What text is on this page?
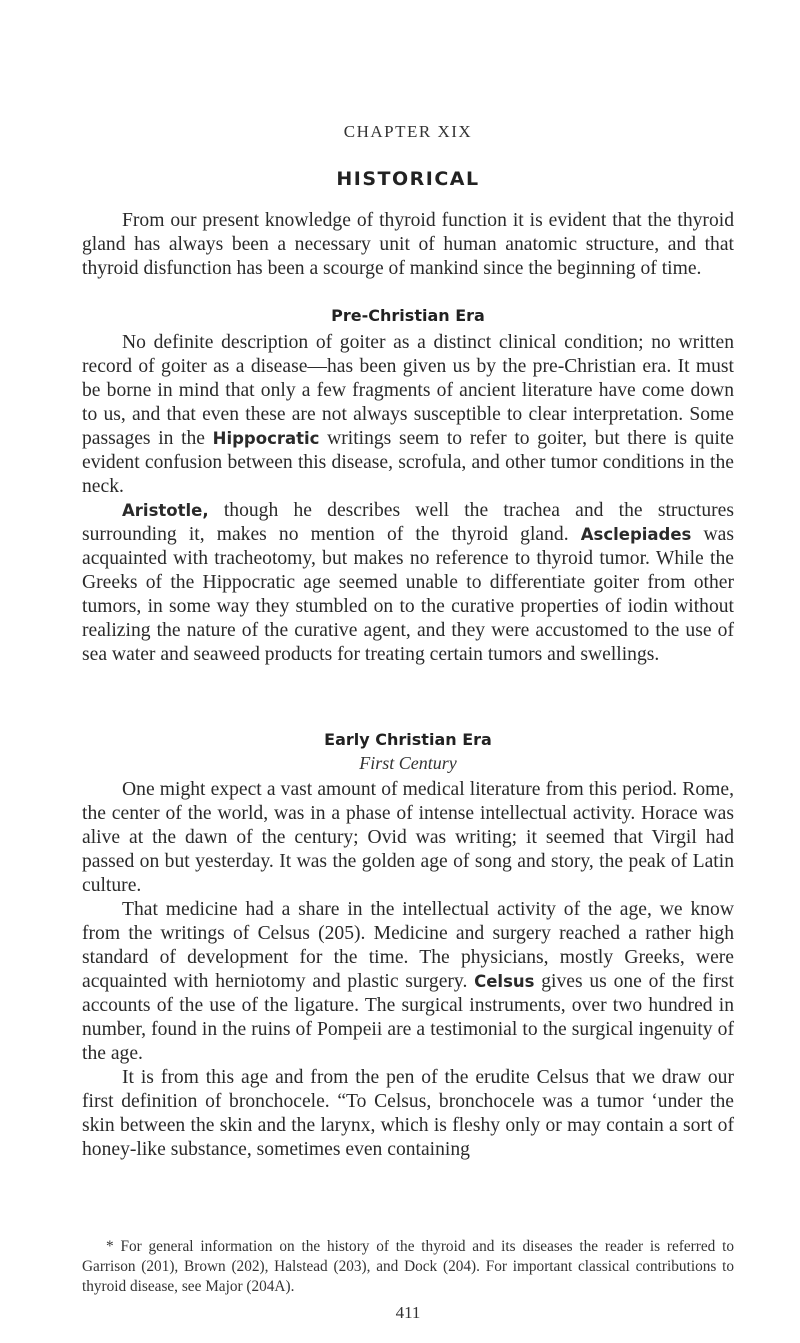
CHAPTER XIX
HISTORICAL

From our present knowledge of thyroid function it is evident that the thyroid gland has always been a necessary unit of human anatomic structure, and that thyroid disfunction has been a scourge of mankind since the beginning of time.

Pre-Christian Era

No definite description of goiter as a distinct clinical condition; no written record of goiter as a disease—has been given us by the pre-Christian era. It must be borne in mind that only a few fragments of ancient literature have come down to us, and that even these are not always susceptible to clear interpretation. Some passages in the Hippocratic writings seem to refer to goiter, but there is quite evident confusion between this disease, scrofula, and other tumor conditions in the neck.

Aristotle, though he describes well the trachea and the structures surrounding it, makes no mention of the thyroid gland. Asclepiades was acquainted with tracheotomy, but makes no reference to thyroid tumor. While the Greeks of the Hippocratic age seemed unable to differentiate goiter from other tumors, in some way they stumbled on to the curative properties of iodin without realizing the nature of the curative agent, and they were accustomed to the use of sea water and seaweed products for treating certain tumors and swellings.

Early Christian Era
First Century

One might expect a vast amount of medical literature from this period. Rome, the center of the world, was in a phase of intense intellectual activity. Horace was alive at the dawn of the century; Ovid was writing; it seemed that Virgil had passed on but yesterday. It was the golden age of song and story, the peak of Latin culture.

That medicine had a share in the intellectual activity of the age, we know from the writings of Celsus (205). Medicine and surgery reached a rather high standard of development for the time. The physicians, mostly Greeks, were acquainted with herniotomy and plastic surgery. Celsus gives us one of the first accounts of the use of the ligature. The surgical instruments, over two hundred in number, found in the ruins of Pompeii are a testimonial to the surgical ingenuity of the age.

It is from this age and from the pen of the erudite Celsus that we draw our first definition of bronchocele. “To Celsus, bronchocele was a tumor ‘under the skin between the skin and the larynx, which is fleshy only or may contain a sort of honey-like substance, sometimes even containing

* For general information on the history of the thyroid and its diseases the reader is referred to Garrison (201), Brown (202), Halstead (203), and Dock (204). For important classical contributions to thyroid disease, see Major (204A).
411
